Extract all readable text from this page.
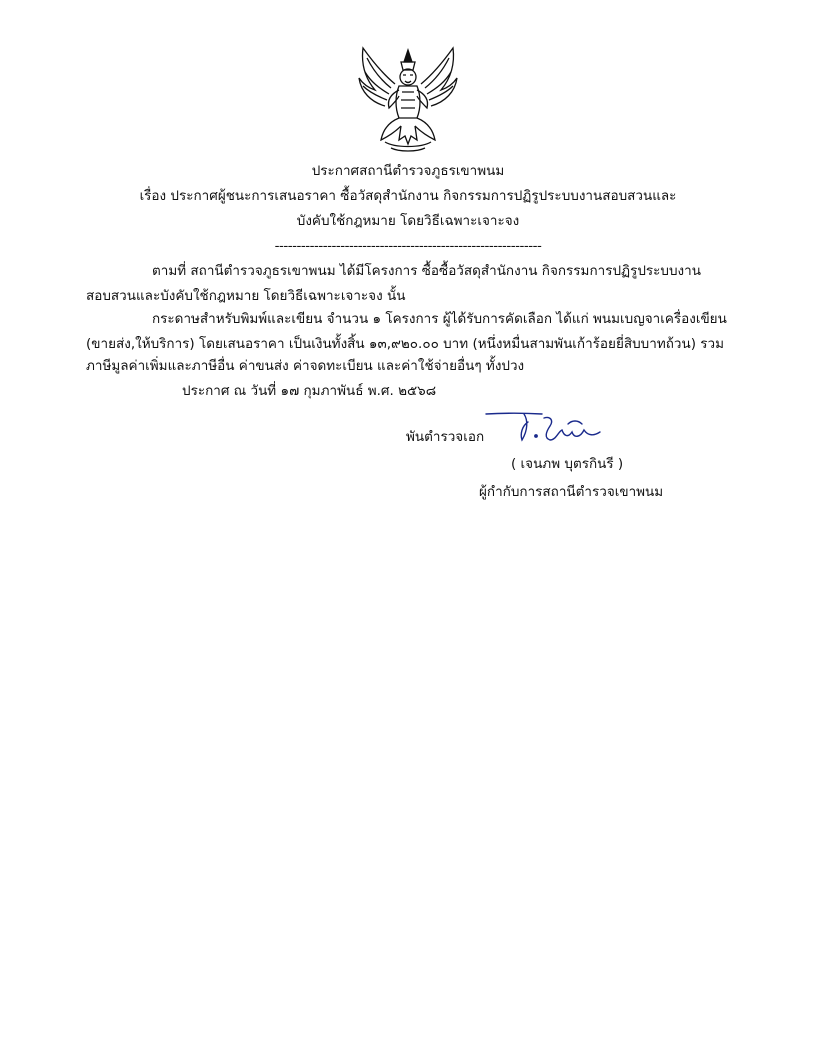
ประกาศสถานีตำรวจภูธรเขาพนม
เรื่อง ประกาศผู้ชนะการเสนอราคา ซื้อวัสดุสำนักงาน กิจกรรมการปฏิรูประบบงานสอบสวนและ
บังคับใช้กฎหมาย โดยวิธีเฉพาะเจาะจง
-------------------------------------------------------------
ตามที่ สถานีตำรวจภูธรเขาพนม ได้มีโครงการ ซื้อซื้อวัสดุสำนักงาน กิจกรรมการปฏิรูประบบงาน
สอบสวนและบังคับใช้กฎหมาย โดยวิธีเฉพาะเจาะจง นั้น
กระดาษสำหรับพิมพ์และเขียน จำนวน ๑ โครงการ ผู้ได้รับการคัดเลือก ได้แก่ พนมเบญจาเครื่องเขียน
(ขายส่ง,ให้บริการ) โดยเสนอราคา เป็นเงินทั้งสิ้น ๑๓,๙๒๐.๐๐ บาท (หนึ่งหมื่นสามพันเก้าร้อยยี่สิบบาทถ้วน) รวม
ภาษีมูลค่าเพิ่มและภาษีอื่น ค่าขนส่ง ค่าจดทะเบียน และค่าใช้จ่ายอื่นๆ ทั้งปวง
ประกาศ ณ วันที่ ๑๗ กุมภาพันธ์ พ.ศ. ๒๕๖๘
พันตำรวจเอก
( เจนภพ บุตรกินรี )
ผู้กำกับการสถานีตำรวจเขาพนม
